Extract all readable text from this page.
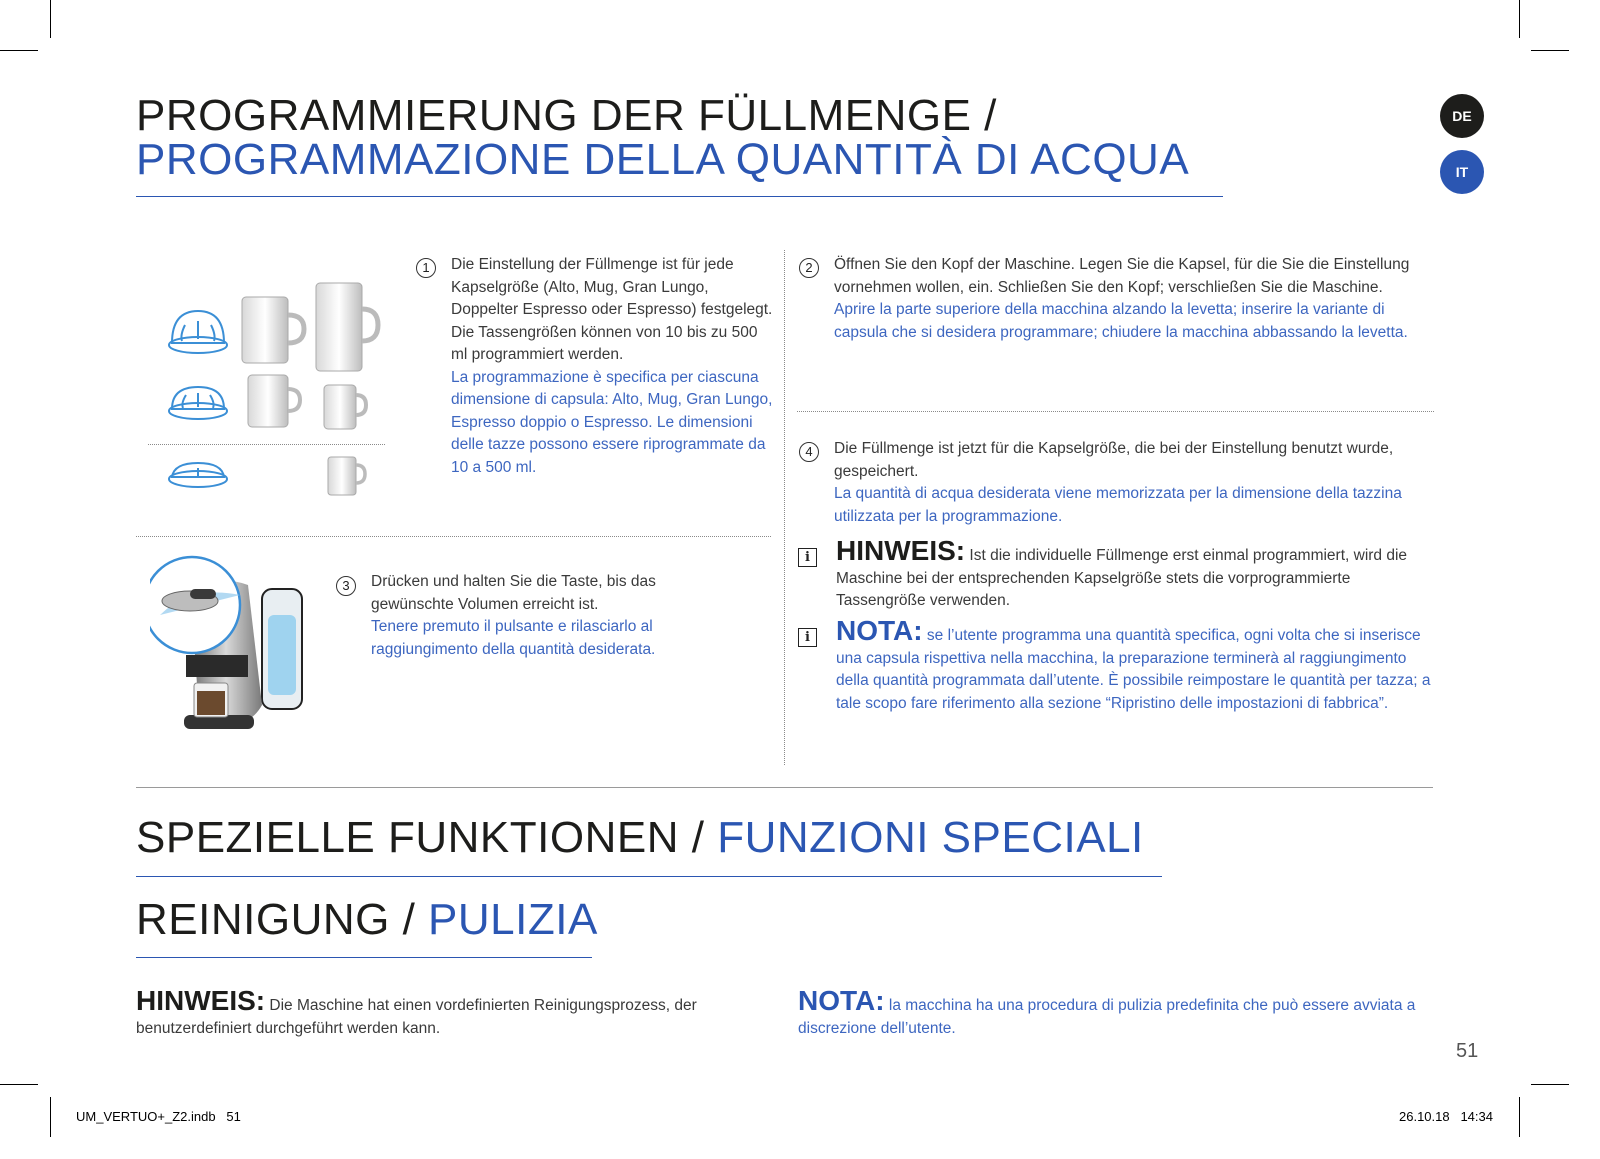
DE
IT
PROGRAMMIERUNG DER FÜLLMENGE /
PROGRAMMAZIONE DELLA QUANTITÀ DI ACQUA
1	Die Einstellung der Füllmenge ist für jede Kapselgröße (Alto, Mug, Gran Lungo, Doppelter Espresso oder Espresso) festgelegt. Die Tassengrößen können von 10 bis zu 500 ml programmiert werden.
La programmazione è specifica per ciascuna dimensione di capsula: Alto, Mug, Gran Lungo, Espresso doppio o Espresso. Le dimensioni delle tazze possono essere riprogrammate da 10 a 500 ml.
2	Öffnen Sie den Kopf der Maschine. Legen Sie die Kapsel, für die Sie die Einstellung vornehmen wollen, ein. Schließen Sie den Kopf; verschließen Sie die Maschine.
Aprire la parte superiore della macchina alzando la levetta; inserire la variante di capsula che si desidera programmare; chiudere la macchina abbassando la levetta.
4	Die Füllmenge ist jetzt für die Kapselgröße, die bei der Einstellung benutzt wurde, gespeichert.
La quantità di acqua desiderata viene memorizzata per la dimensione della tazzina utilizzata per la programmazione.
3	Drücken und halten Sie die Taste, bis das gewünschte Volumen erreicht ist.
Tenere premuto il pulsante e rilasciarlo al raggiungimento della quantità desiderata.
i HINWEIS: Ist die individuelle Füllmenge erst einmal programmiert, wird die Maschine bei der entsprechenden Kapselgröße stets die vorprogrammierte Tassengröße verwenden.
i NOTA: se l’utente programma una quantità specifica, ogni volta che si inserisce una capsula rispettiva nella macchina, la preparazione terminerà al raggiungimento della quantità programmata dall’utente. È possibile reimpostare le quantità per tazza; a tale scopo fare riferimento alla sezione “Ripristino delle impostazioni di fabbrica”.
SPEZIELLE FUNKTIONEN / FUNZIONI SPECIALI
REINIGUNG / PULIZIA
HINWEIS: Die Maschine hat einen vordefinierten Reinigungsprozess, der benutzerdefiniert durchgeführt werden kann.
NOTA: la macchina ha una procedura di pulizia predefinita che può essere avviata a discrezione dell’utente.
51
UM_VERTUO+_Z2.indb   51	26.10.18   14:34
